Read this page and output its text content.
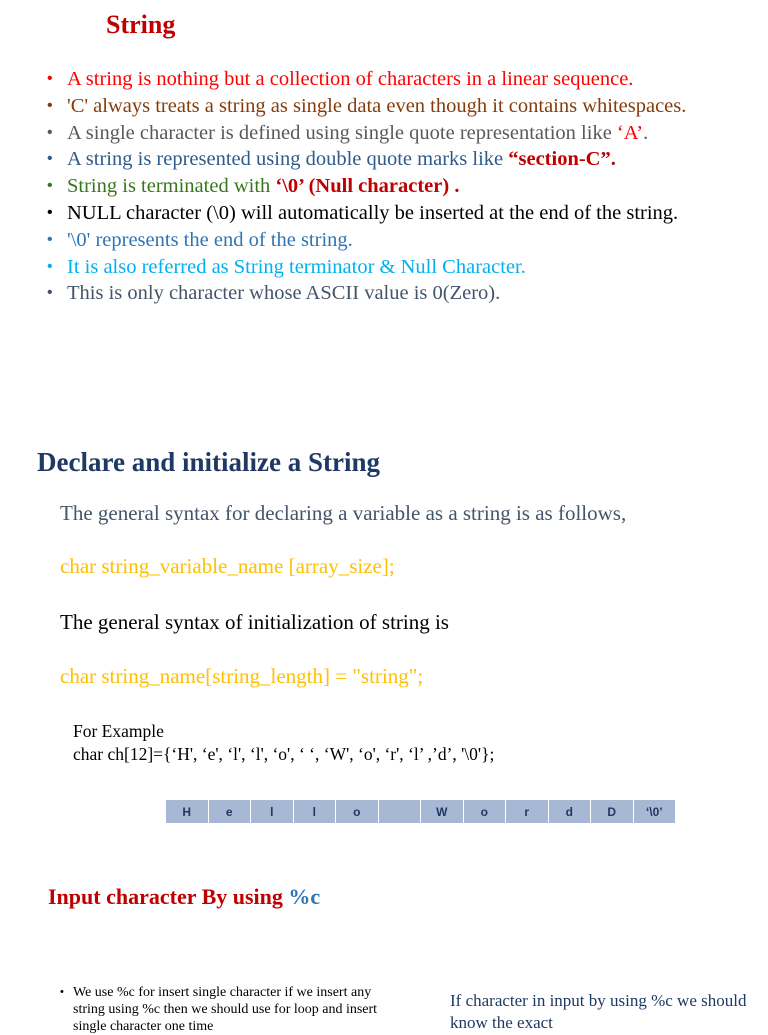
String
• A string is nothing but a collection of characters in a linear sequence.
• 'C' always treats a string as single data even though it contains whitespaces.
• A single character is defined using single quote representation like ‘A’.
• A string is represented using double quote marks like “section-C”.
• String is terminated with ‘\0’ (Null character) .
• NULL character (\0) will automatically be inserted at the end of the string.
• '\0' represents the end of the string.
• It is also referred as String terminator & Null Character.
• This is only character whose ASCII value is 0(Zero).
Declare and initialize a String
The general syntax for declaring a variable as a string is as follows,
char string_variable_name [array_size];
The general syntax of initialization of string is
char string_name[string_length] = "string";
For Example
char ch[12]={‘H', ‘e', ‘l', ‘l', ‘o', ‘ ‘, ‘W', ‘o', ‘r', ‘l’ ,’d’, '\0'};
H	e	l	l	o	W	o	r	d	D	‘\0’
Input character By using %c
• We use %c for insert single character if we insert any string using %c then we should use for loop and insert single character one time
If character in input by using %c we should know the exact
